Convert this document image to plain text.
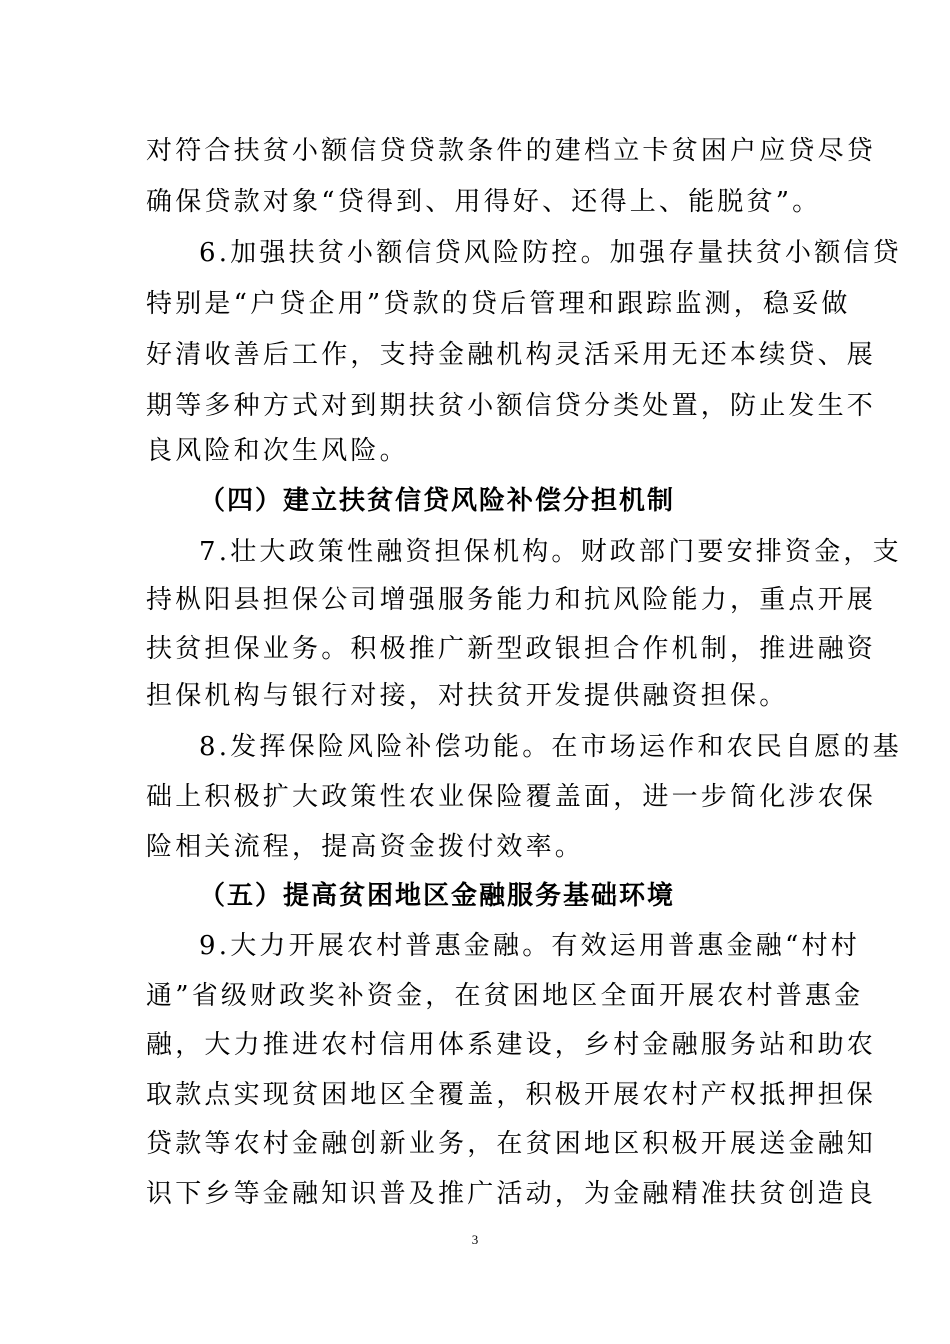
对符合扶贫小额信贷贷款条件的建档立卡贫困户应贷尽贷
确保贷款对象“贷得到、用得好、还得上、能脱贫”。
6.加强扶贫小额信贷风险防控。加强存量扶贫小额信贷
特别是“户贷企用”贷款的贷后管理和跟踪监测，稳妥做
好清收善后工作，支持金融机构灵活采用无还本续贷、展
期等多种方式对到期扶贫小额信贷分类处置，防止发生不
良风险和次生风险。
（四）建立扶贫信贷风险补偿分担机制
7.壮大政策性融资担保机构。财政部门要安排资金，支
持枞阳县担保公司增强服务能力和抗风险能力，重点开展
扶贫担保业务。积极推广新型政银担合作机制，推进融资
担保机构与银行对接，对扶贫开发提供融资担保。
8.发挥保险风险补偿功能。在市场运作和农民自愿的基
础上积极扩大政策性农业保险覆盖面，进一步简化涉农保
险相关流程，提高资金拨付效率。
（五）提高贫困地区金融服务基础环境
9.大力开展农村普惠金融。有效运用普惠金融“村村
通”省级财政奖补资金，在贫困地区全面开展农村普惠金
融，大力推进农村信用体系建设，乡村金融服务站和助农
取款点实现贫困地区全覆盖，积极开展农村产权抵押担保
贷款等农村金融创新业务，在贫困地区积极开展送金融知
识下乡等金融知识普及推广活动，为金融精准扶贫创造良
3
